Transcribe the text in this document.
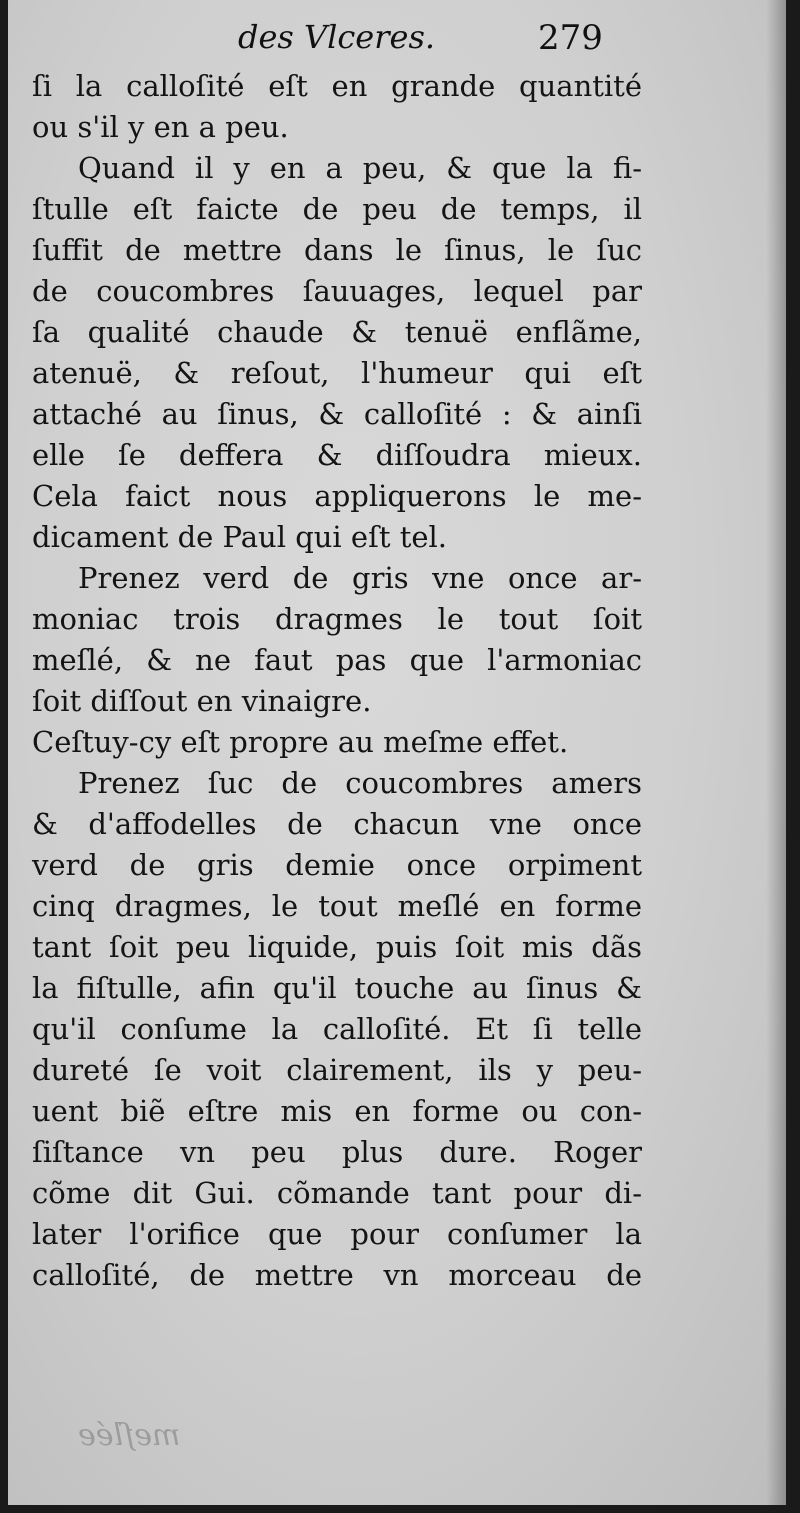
des Vlceres.	279
ſi la calloſité eſt en grande quantité
ou s'il y en a peu.
Quand il y en a peu, & que la fi-
ſtulle eſt faicte de peu de temps, il
ſuffit de mettre dans le ſinus, le ſuc
de coucombres ſauuages, lequel par
ſa qualité chaude & tenuë enflãme,
atenuë, & reſout, l'humeur qui eſt
attaché au ſinus, & calloſité : & ainſi
elle ſe deffera & diſſoudra mieux.
Cela faict nous appliquerons le me-
dicament de Paul qui eſt tel.
Prenez verd de gris vne once ar-
moniac trois dragmes le tout ſoit
meſlé, & ne faut pas que l'armoniac
ſoit diſſout en vinaigre.
Ceſtuy-cy eſt propre au meſme effet.
Prenez ſuc de coucombres amers
& d'affodelles de chacun vne once
verd de gris demie once orpiment
cinq dragmes, le tout meſlé en forme
tant ſoit peu liquide, puis ſoit mis dãs
la fiſtulle, afin qu'il touche au ſinus &
qu'il conſume la calloſité. Et ſi telle
dureté ſe voit clairement, ils y peu-
uent biẽ eſtre mis en forme ou con-
ſiſtance vn peu plus dure. Roger
cõme dit Gui. cõmande tant pour di-
later l'orifice que pour conſumer la
calloſité, de mettre vn morceau de
meſlée
